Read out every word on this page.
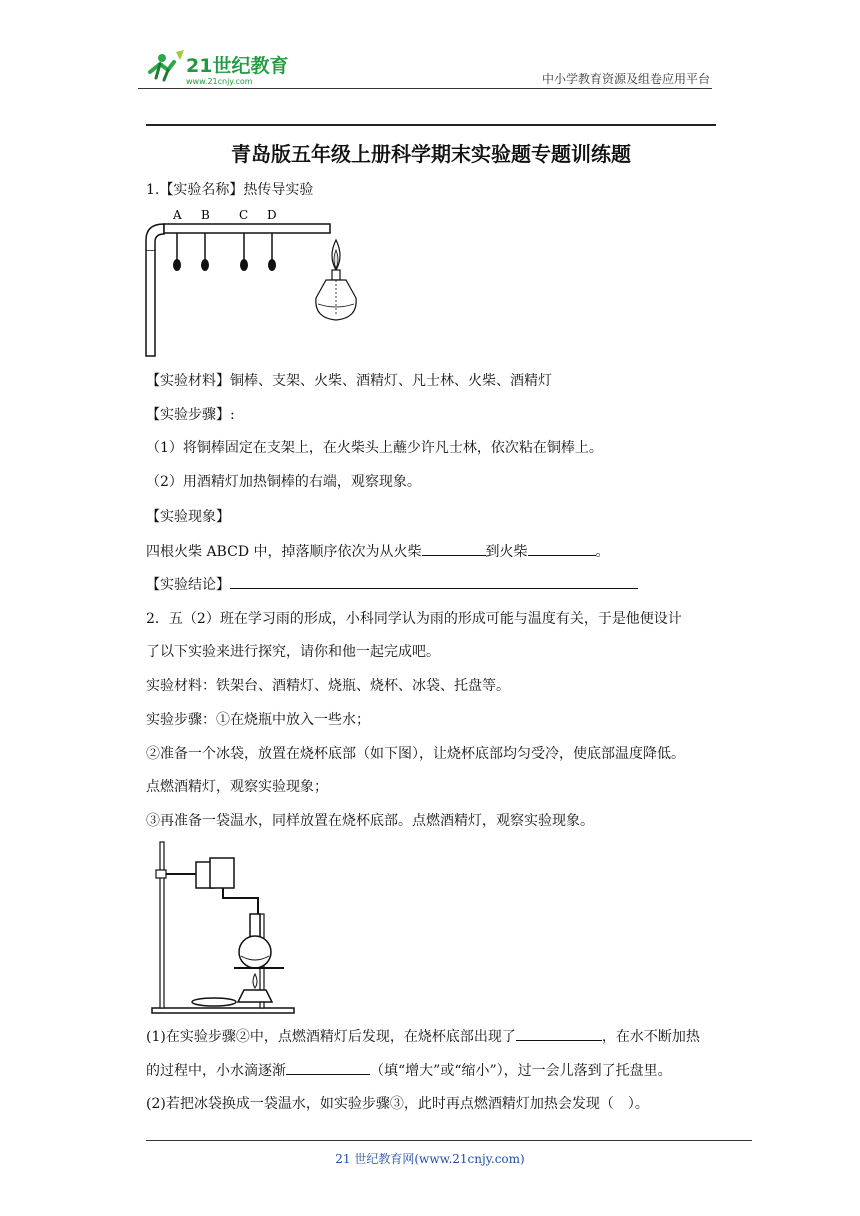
21世纪教育
www.21cnjy.com	中小学教育资源及组卷应用平台
青岛版五年级上册科学期末实验题专题训练题
1.【实验名称】热传导实验
A B C D
【实验材料】铜棒、支架、火柴、酒精灯、凡士林、火柴、酒精灯
【实验步骤】:
（1）将铜棒固定在支架上，在火柴头上蘸少许凡士林，依次粘在铜棒上。
（2）用酒精灯加热铜棒的右端，观察现象。
【实验现象】
四根火柴 ABCD 中，掉落顺序依次为从火柴	到火柴	。
【实验结论】
2．五（2）班在学习雨的形成，小科同学认为雨的形成可能与温度有关，于是他便设计
了以下实验来进行探究，请你和他一起完成吧。
实验材料：铁架台、酒精灯、烧瓶、烧杯、冰袋、托盘等。
实验步骤：①在烧瓶中放入一些水；
②准备一个冰袋，放置在烧杯底部（如下图），让烧杯底部均匀受冷，使底部温度降低。
点燃酒精灯，观察实验现象；
③再准备一袋温水，同样放置在烧杯底部。点燃酒精灯，观察实验现象。
(1)在实验步骤②中，点燃酒精灯后发现，在烧杯底部出现了	，在水不断加热
的过程中，小水滴逐渐	（填“增大”或“缩小”），过一会儿落到了托盘里。
(2)若把冰袋换成一袋温水，如实验步骤③，此时再点燃酒精灯加热会发现（　）。
21 世纪教育网(www.21cnjy.com)
